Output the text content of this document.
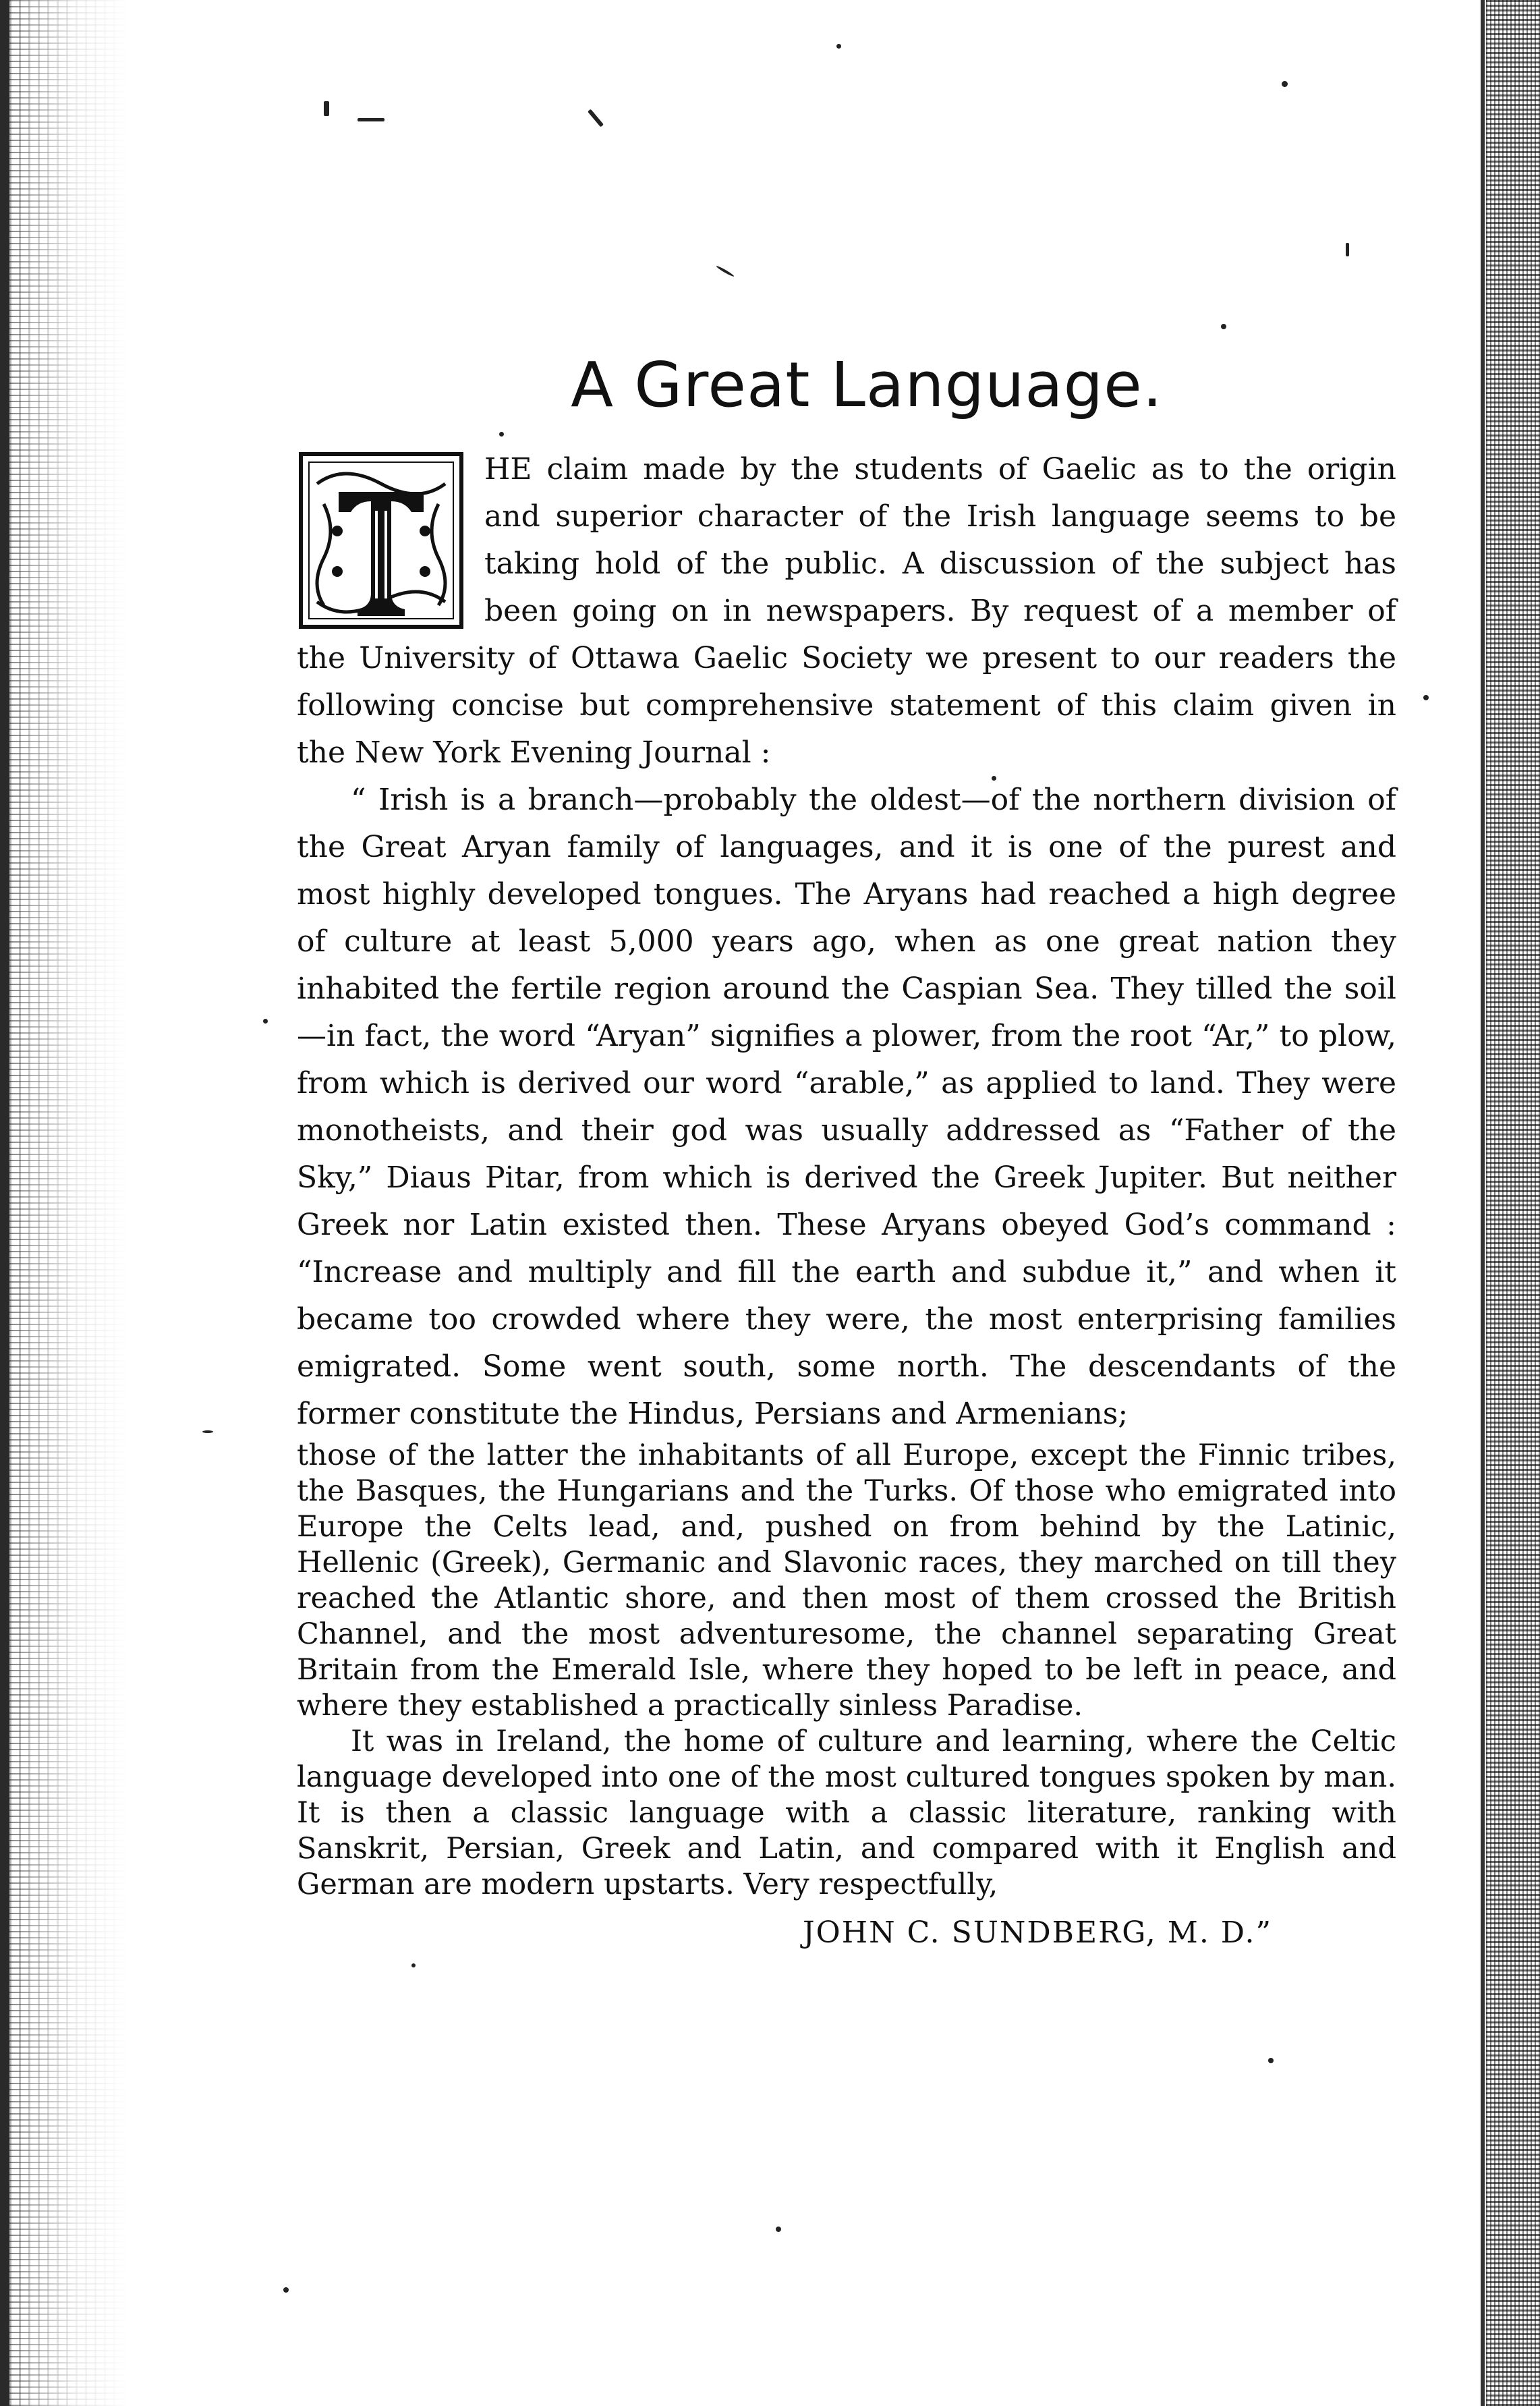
A Great Language.

HE claim made by the students of Gaelic as to the origin and superior character of the Irish language seems to be taking hold of the public. A discussion of the subject has been going on in newspapers. By request of a member of the University of Ottawa Gaelic Society we present to our readers the following concise but comprehensive statement of this claim given in the New York Evening Journal :

“ Irish is a branch—probably the oldest—of the northern division of the Great Aryan family of languages, and it is one of the purest and most highly developed tongues. The Aryans had reached a high degree of culture at least 5,000 years ago, when as one great nation they inhabited the fertile region around the Caspian Sea. They tilled the soil—in fact, the word “Aryan” signifies a plower, from the root “Ar,” to plow, from which is derived our word “arable,” as applied to land. They were monotheists, and their god was usually addressed as “Father of the Sky,” Diaus Pitar, from which is derived the Greek Jupiter. But neither Greek nor Latin existed then. These Aryans obeyed God’s command : “Increase and multiply and fill the earth and subdue it,” and when it became too crowded where they were, the most enterprising families emigrated. Some went south, some north. The descendants of the former constitute the Hindus, Persians and Armenians;

those of the latter the inhabitants of all Europe, except the Finnic tribes, the Basques, the Hungarians and the Turks. Of those who emigrated into Europe the Celts lead, and, pushed on from behind by the Latinic, Hellenic (Greek), Germanic and Slavonic races, they marched on till they reached the Atlantic shore, and then most of them crossed the British Channel, and the most adventuresome, the channel separating Great Britain from the Emerald Isle, where they hoped to be left in peace, and where they established a practically sinless Paradise.

It was in Ireland, the home of culture and learning, where the Celtic language developed into one of the most cultured tongues spoken by man. It is then a classic language with a classic literature, ranking with Sanskrit, Persian, Greek and Latin, and compared with it English and German are modern upstarts. Very respectfully,

JOHN C. SUNDBERG, M. D.”
